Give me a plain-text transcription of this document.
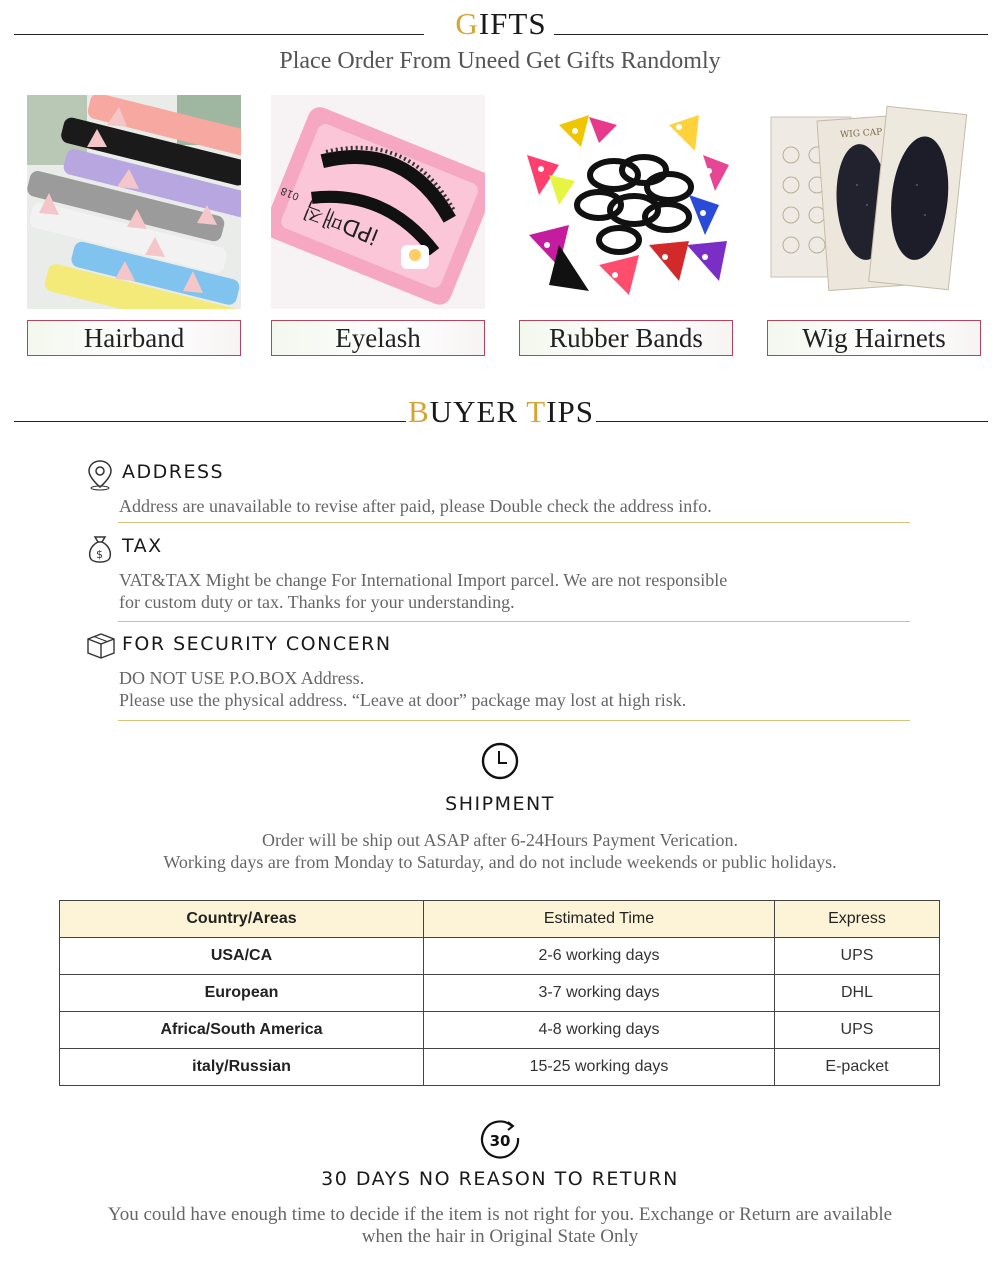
GIFTS
Place Order From Uneed Get Gifts Randomly
Hairband
iPD매직
018
Eyelash	Rubber Bands
WIG CAP
Wig Hairnets
BUYER TIPS
ADDRESS
Address are unavailable to revise after paid, please Double check the address info.
$ TAX
VAT&TAX Might be change For International Import parcel. We are not responsible
for custom duty or tax. Thanks for your understanding.
FOR SECURITY CONCERN
DO NOT USE P.O.BOX Address.
Please use the physical address. “Leave at door” package may lost at high risk.
SHIPMENT
Order will be ship out ASAP after 6-24Hours Payment Verication.
Working days are from Monday to Saturday, and do not include weekends or public holidays.
Country/Areas	Estimated Time	Express
USA/CA	2-6 working days	UPS
European	3-7 working days	DHL
Africa/South America	4-8 working days	UPS
italy/Russian	15-25 working days	E-packet
30
30 DAYS NO REASON TO RETURN
You could have enough time to decide if the item is not right for you. Exchange or Return are available
when the hair in Original State Only
